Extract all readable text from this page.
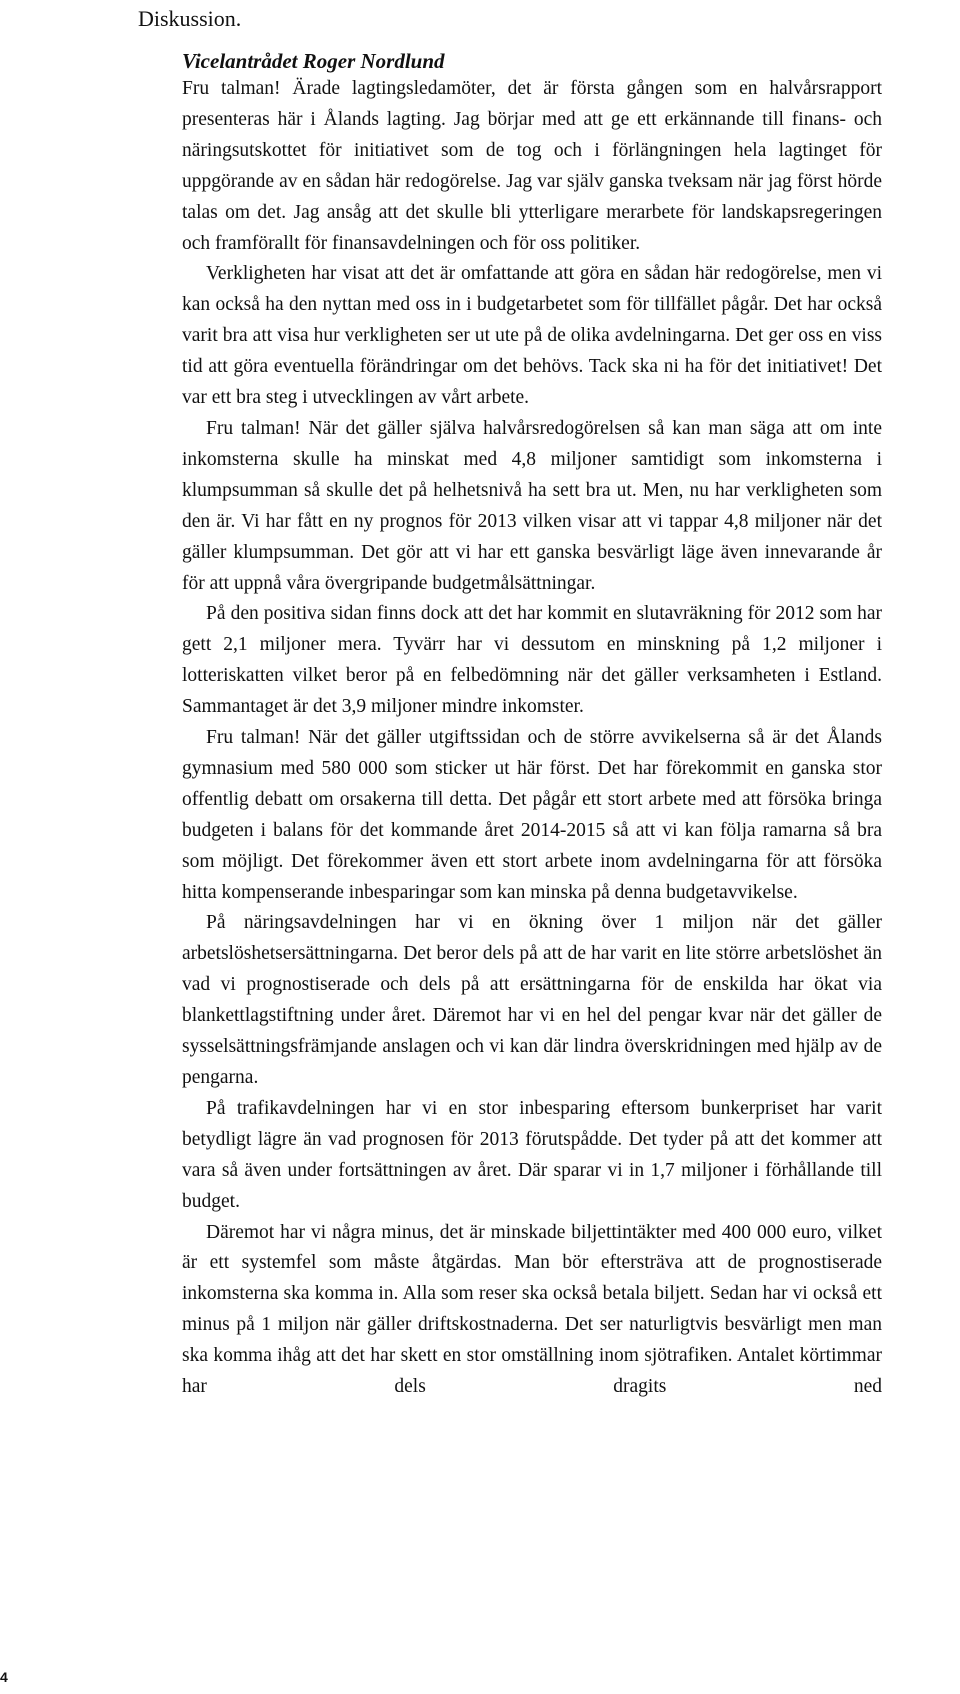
Diskussion.
Vicelantrådet Roger Nordlund

Fru talman! Ärade lagtingsledamöter, det är första gången som en halvårsrapport presenteras här i Ålands lagting. Jag börjar med att ge ett erkännande till finans- och näringsutskottet för initiativet som de tog och i förlängningen hela lagtinget för uppgörande av en sådan här redogörelse. Jag var själv ganska tveksam när jag först hörde talas om det. Jag ansåg att det skulle bli ytterligare merarbete för landskapsregeringen och framförallt för finansavdelningen och för oss politiker.

Verkligheten har visat att det är omfattande att göra en sådan här redogörelse, men vi kan också ha den nyttan med oss in i budgetarbetet som för tillfället pågår. Det har också varit bra att visa hur verkligheten ser ut ute på de olika avdelningarna. Det ger oss en viss tid att göra eventuella förändringar om det behövs. Tack ska ni ha för det initiativet! Det var ett bra steg i utvecklingen av vårt arbete.

Fru talman! När det gäller själva halvårsredogörelsen så kan man säga att om inte inkomsterna skulle ha minskat med 4,8 miljoner samtidigt som inkomsterna i klumpsumman så skulle det på helhetsnivå ha sett bra ut. Men, nu har verkligheten som den är. Vi har fått en ny prognos för 2013 vilken visar att vi tappar 4,8 miljoner när det gäller klumpsumman. Det gör att vi har ett ganska besvärligt läge även innevarande år för att uppnå våra övergripande budgetmålsättningar.

På den positiva sidan finns dock att det har kommit en slutavräkning för 2012 som har gett 2,1 miljoner mera. Tyvärr har vi dessutom en minskning på 1,2 miljoner i lotteriskatten vilket beror på en felbedömning när det gäller verksamheten i Estland. Sammantaget är det 3,9 miljoner mindre inkomster.

Fru talman! När det gäller utgiftssidan och de större avvikelserna så är det Ålands gymnasium med 580 000 som sticker ut här först. Det har förekommit en ganska stor offentlig debatt om orsakerna till detta. Det pågår ett stort arbete med att försöka bringa budgeten i balans för det kommande året 2014-2015 så att vi kan följa ramarna så bra som möjligt. Det förekommer även ett stort arbete inom avdelningarna för att försöka hitta kompenserande inbesparingar som kan minska på denna budgetavvikelse.

På näringsavdelningen har vi en ökning över 1 miljon när det gäller arbetslöshetsersättningarna. Det beror dels på att de har varit en lite större arbetslöshet än vad vi prognostiserade och dels på att ersättningarna för de enskilda har ökat via blankettlagstiftning under året. Däremot har vi en hel del pengar kvar när det gäller de sysselsättningsfrämjande anslagen och vi kan där lindra överskridningen med hjälp av de pengarna.

På trafikavdelningen har vi en stor inbesparing eftersom bunkerpriset har varit betydligt lägre än vad prognosen för 2013 förutspådde. Det tyder på att det kommer att vara så även under fortsättningen av året. Där sparar vi in 1,7 miljoner i förhållande till budget.

Däremot har vi några minus, det är minskade biljettintäkter med 400 000 euro, vilket är ett systemfel som måste åtgärdas. Man bör eftersträva att de prognostiserade inkomsterna ska komma in. Alla som reser ska också betala biljett. Sedan har vi också ett minus på 1 miljon när gäller driftskostnaderna. Det ser naturligtvis besvärligt men man ska komma ihåg att det har skett en stor omställning inom sjötrafiken. Antalet körtimmar har dels dragits ned

4
